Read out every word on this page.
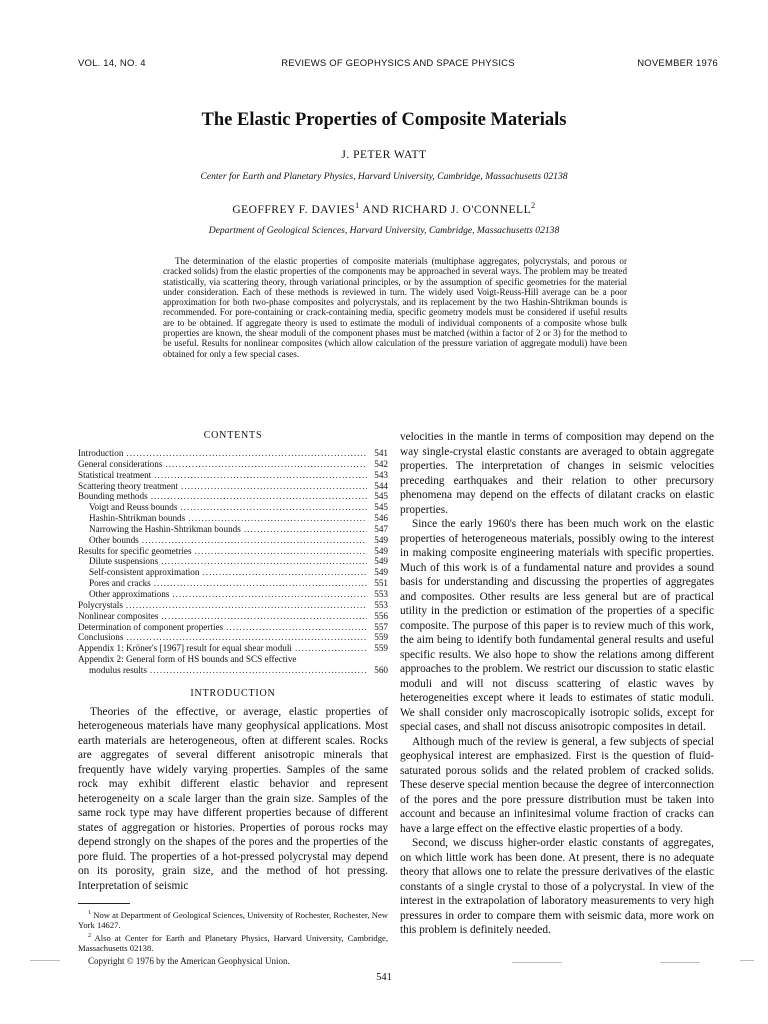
VOL. 14, NO. 4	REVIEWS OF GEOPHYSICS AND SPACE PHYSICS	NOVEMBER 1976
The Elastic Properties of Composite Materials
J. PETER WATT
Center for Earth and Planetary Physics, Harvard University, Cambridge, Massachusetts 02138
GEOFFREY F. DAVIES$^1$ AND RICHARD J. O'CONNELL$^2$
Department of Geological Sciences, Harvard University, Cambridge, Massachusetts 02138

The determination of the elastic properties of composite materials (multiphase aggregates, polycrystals, and porous or cracked solids) from the elastic properties of the components may be approached in several ways. The problem may be treated statistically, via scattering theory, through variational principles, or by the assumption of specific geometries for the material under consideration. Each of these methods is reviewed in turn. The widely used Voigt-Reuss-Hill average can be a poor approximation for both two-phase composites and polycrystals, and its replacement by the two Hashin-Shtrikman bounds is recommended. For pore-containing or crack-containing media, specific geometry models must be considered if useful results are to be obtained. If aggregate theory is used to estimate the moduli of individual components of a composite whose bulk properties are known, the shear moduli of the component phases must be matched (within a factor of 2 or 3) for the method to be useful. Results for nonlinear composites (which allow calculation of the pressure variation of aggregate moduli) have been obtained for only a few special cases.

CONTENTS

Introduction .....	541
General considerations .....	542
Statistical treatment .....	543
Scattering theory treatment .....	544
Bounding methods .....	545
Voigt and Reuss bounds .....	545
Hashin-Shtrikman bounds .....	546
Narrowing the Hashin-Shtrikman bounds .....	547
Other bounds .....	549
Results for specific geometries .....	549
Dilute suspensions .....	549
Self-consistent approximation .....	549
Pores and cracks .....	551
Other approximations .....	553
Polycrystals .....	553
Nonlinear composites .....	556
Determination of component properties .....	557
Conclusions .....	559
Appendix 1: Kröner's [1967] result for equal shear moduli .....	559
Appendix 2: General form of HS bounds and SCS effective
modulus results .....	560

INTRODUCTION

Theories of the effective, or average, elastic properties of heterogeneous materials have many geophysical applications. Most earth materials are heterogeneous, often at different scales. Rocks are aggregates of several different anisotropic minerals that frequently have widely varying properties. Samples of the same rock may exhibit different elastic behavior and represent heterogeneity on a scale larger than the grain size. Samples of the same rock type may have different properties because of different states of aggregation or histories. Properties of porous rocks may depend strongly on the shapes of the pores and the properties of the pore fluid. The properties of a hot-pressed polycrystal may depend on its porosity, grain size, and the method of hot pressing. Interpretation of seismic

$^1$ Now at Department of Geological Sciences, University of Rochester, Rochester, New York 14627.

$^2$ Also at Center for Earth and Planetary Physics, Harvard University, Cambridge, Massachusetts 02138.

Copyright © 1976 by the American Geophysical Union.

velocities in the mantle in terms of composition may depend on the way single-crystal elastic constants are averaged to obtain aggregate properties. The interpretation of changes in seismic velocities preceding earthquakes and their relation to other precursory phenomena may depend on the effects of dilatant cracks on elastic properties.

Since the early 1960's there has been much work on the elastic properties of heterogeneous materials, possibly owing to the interest in making composite engineering materials with specific properties. Much of this work is of a fundamental nature and provides a sound basis for understanding and discussing the properties of aggregates and composites. Other results are less general but are of practical utility in the prediction or estimation of the properties of a specific composite. The purpose of this paper is to review much of this work, the aim being to identify both fundamental general results and useful specific results. We also hope to show the relations among different approaches to the problem. We restrict our discussion to static elastic moduli and will not discuss scattering of elastic waves by heterogeneities except where it leads to estimates of static moduli. We shall consider only macroscopically isotropic solids, except for special cases, and shall not discuss anisotropic composites in detail.

Although much of the review is general, a few subjects of special geophysical interest are emphasized. First is the question of fluid-saturated porous solids and the related problem of cracked solids. These deserve special mention because the degree of interconnection of the pores and the pore pressure distribution must be taken into account and because an infinitesimal volume fraction of cracks can have a large effect on the effective elastic properties of a body.

Second, we discuss higher-order elastic constants of aggregates, on which little work has been done. At present, there is no adequate theory that allows one to relate the pressure derivatives of the elastic constants of a single crystal to those of a polycrystal. In view of the interest in the extrapolation of laboratory measurements to very high pressures in order to compare them with seismic data, more work on this problem is definitely needed.

541
